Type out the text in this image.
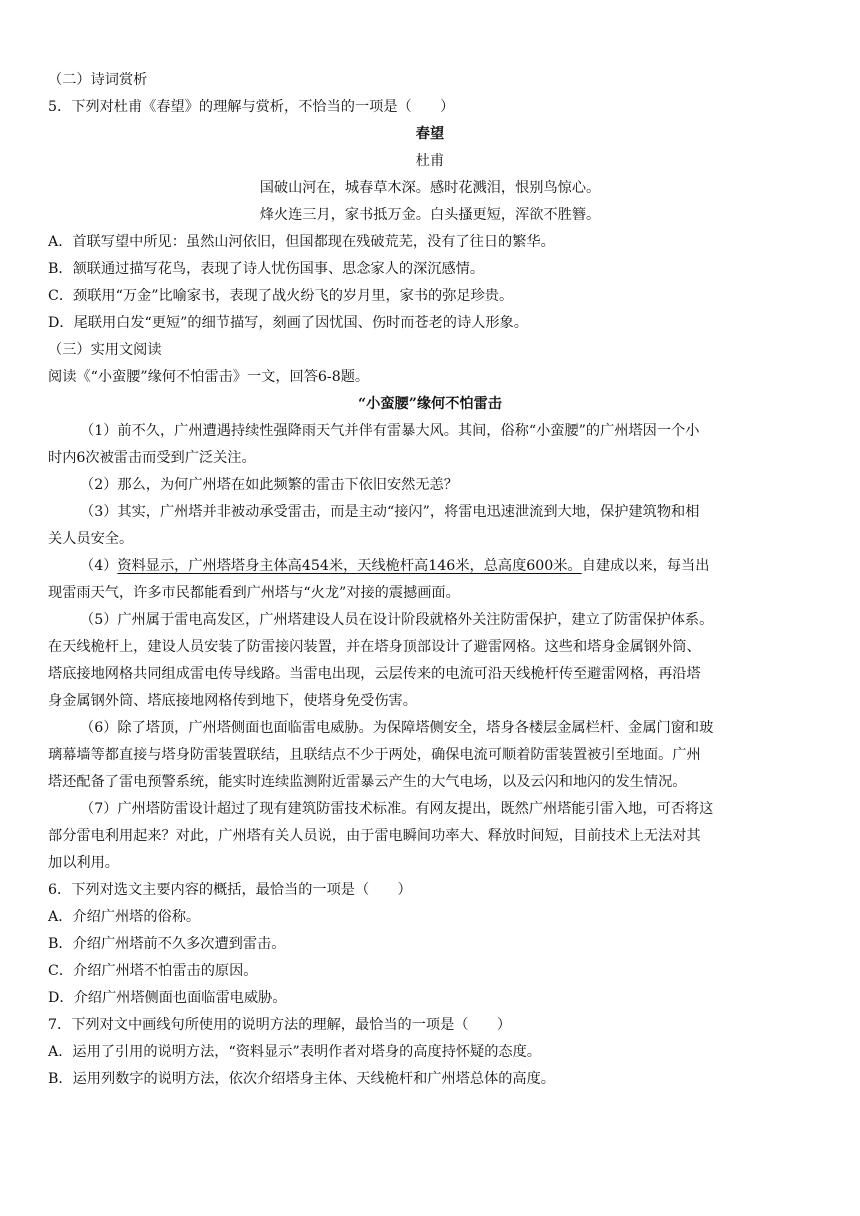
（二）诗词赏析
5．下列对杜甫《春望》的理解与赏析，不恰当的一项是（　　）
春望
杜甫
国破山河在，城春草木深。感时花溅泪，恨别鸟惊心。
烽火连三月，家书抵万金。白头搔更短，浑欲不胜簪。
A．首联写望中所见：虽然山河依旧，但国都现在残破荒芜，没有了往日的繁华。
B．颔联通过描写花鸟，表现了诗人忧伤国事、思念家人的深沉感情。
C．颈联用“万金”比喻家书，表现了战火纷飞的岁月里，家书的弥足珍贵。
D．尾联用白发“更短”的细节描写，刻画了因忧国、伤时而苍老的诗人形象。
（三）实用文阅读
阅读《“小蛮腰”缘何不怕雷击》一文，回答6-8题。
“小蛮腰”缘何不怕雷击
（1）前不久，广州遭遇持续性强降雨天气并伴有雷暴大风。其间，俗称“小蛮腰”的广州塔因一个小
时内6次被雷击而受到广泛关注。
（2）那么，为何广州塔在如此频繁的雷击下依旧安然无恙？
（3）其实，广州塔并非被动承受雷击，而是主动“接闪”，将雷电迅速泄流到大地，保护建筑物和相
关人员安全。
（4）资料显示，广州塔塔身主体高454米，天线桅杆高146米，总高度600米。自建成以来，每当出
现雷雨天气，许多市民都能看到广州塔与“火龙”对接的震撼画面。
（5）广州属于雷电高发区，广州塔建设人员在设计阶段就格外关注防雷保护，建立了防雷保护体系。
在天线桅杆上，建设人员安装了防雷接闪装置，并在塔身顶部设计了避雷网格。这些和塔身金属钢外筒、
塔底接地网格共同组成雷电传导线路。当雷电出现，云层传来的电流可沿天线桅杆传至避雷网格，再沿塔
身金属钢外筒、塔底接地网格传到地下，使塔身免受伤害。
（6）除了塔顶，广州塔侧面也面临雷电威胁。为保障塔侧安全，塔身各楼层金属栏杆、金属门窗和玻
璃幕墙等都直接与塔身防雷装置联结，且联结点不少于两处，确保电流可顺着防雷装置被引至地面。广州
塔还配备了雷电预警系统，能实时连续监测附近雷暴云产生的大气电场，以及云闪和地闪的发生情况。
（7）广州塔防雷设计超过了现有建筑防雷技术标准。有网友提出，既然广州塔能引雷入地，可否将这
部分雷电利用起来？对此，广州塔有关人员说，由于雷电瞬间功率大、释放时间短，目前技术上无法对其
加以利用。
6．下列对选文主要内容的概括，最恰当的一项是（　　）
A．介绍广州塔的俗称。
B．介绍广州塔前不久多次遭到雷击。
C．介绍广州塔不怕雷击的原因。
D．介绍广州塔侧面也面临雷电威胁。
7．下列对文中画线句所使用的说明方法的理解，最恰当的一项是（　　）
A．运用了引用的说明方法，“资料显示”表明作者对塔身的高度持怀疑的态度。
B．运用列数字的说明方法，依次介绍塔身主体、天线桅杆和广州塔总体的高度。
